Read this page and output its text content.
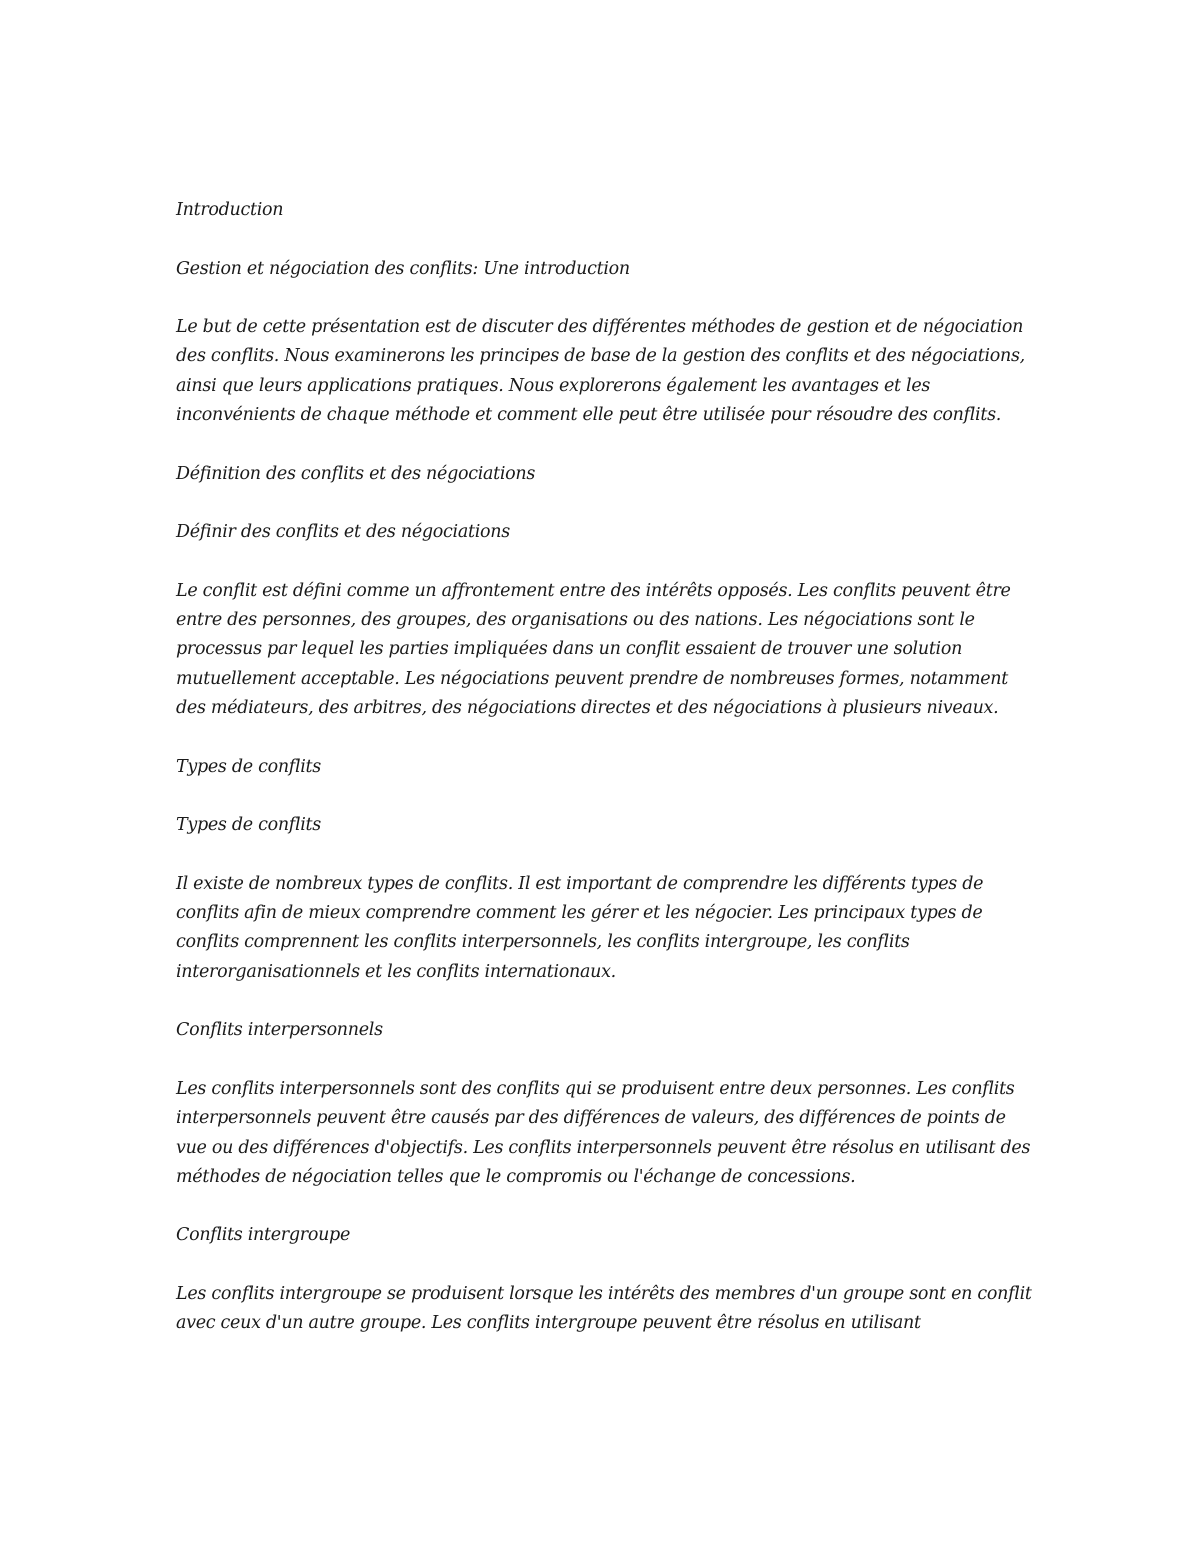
Introduction

Gestion et négociation des conflits: Une introduction

Le but de cette présentation est de discuter des différentes méthodes de gestion et de négociation des conflits. Nous examinerons les principes de base de la gestion des conflits et des négociations, ainsi que leurs applications pratiques. Nous explorerons également les avantages et les inconvénients de chaque méthode et comment elle peut être utilisée pour résoudre des conflits.

Définition des conflits et des négociations

Définir des conflits et des négociations

Le conflit est défini comme un affrontement entre des intérêts opposés. Les conflits peuvent être entre des personnes, des groupes, des organisations ou des nations. Les négociations sont le processus par lequel les parties impliquées dans un conflit essaient de trouver une solution mutuellement acceptable. Les négociations peuvent prendre de nombreuses formes, notamment des médiateurs, des arbitres, des négociations directes et des négociations à plusieurs niveaux.

Types de conflits

Types de conflits

Il existe de nombreux types de conflits. Il est important de comprendre les différents types de conflits afin de mieux comprendre comment les gérer et les négocier. Les principaux types de conflits comprennent les conflits interpersonnels, les conflits intergroupe, les conflits interorganisationnels et les conflits internationaux.

Conflits interpersonnels

Les conflits interpersonnels sont des conflits qui se produisent entre deux personnes. Les conflits interpersonnels peuvent être causés par des différences de valeurs, des différences de points de vue ou des différences d'objectifs. Les conflits interpersonnels peuvent être résolus en utilisant des méthodes de négociation telles que le compromis ou l'échange de concessions.

Conflits intergroupe

Les conflits intergroupe se produisent lorsque les intérêts des membres d'un groupe sont en conflit avec ceux d'un autre groupe. Les conflits intergroupe peuvent être résolus en utilisant
